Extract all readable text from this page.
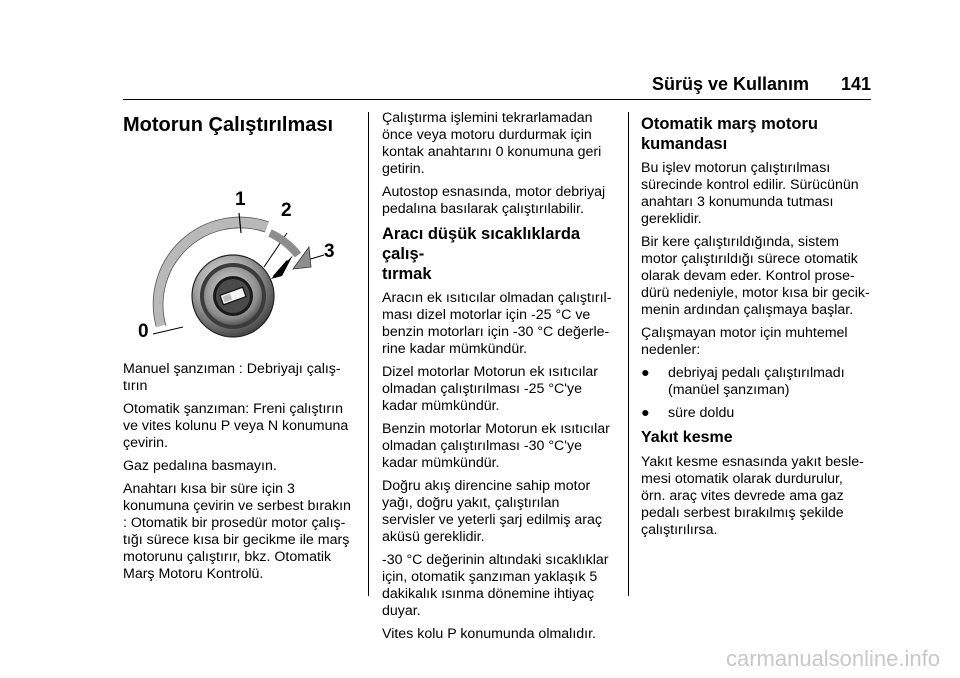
Sürüş ve Kullanım 141
Motorun Çalıştırılması
0
1
2
3

Manuel şanzıman : Debriyajı çalış-
tırın

Otomatik şanzıman: Freni çalıştırın
ve vites kolunu P veya N konumuna
çevirin.

Gaz pedalına basmayın.

Anahtarı kısa bir süre için 3
konumuna çevirin ve serbest bırakın
: Otomatik bir prosedür motor çalış-
tığı sürece kısa bir gecikme ile marş
motorunu çalıştırır, bkz. Otomatik
Marş Motoru Kontrolü.

Çalıştırma işlemini tekrarlamadan
önce veya motoru durdurmak için
kontak anahtarını 0 konumuna geri
getirin.

Autostop esnasında, motor debriyaj
pedalına basılarak çalıştırılabilir.

Aracı düşük sıcaklıklarda çalış-
tırmak

Aracın ek ısıtıcılar olmadan çalıştırıl-
ması dizel motorlar için -25 °C ve
benzin motorları için -30 °C değerle-
rine kadar mümkündür.

Dizel motorlar Motorun ek ısıtıcılar
olmadan çalıştırılması -25 °C'ye
kadar mümkündür.

Benzin motorlar Motorun ek ısıtıcılar
olmadan çalıştırılması -30 °C'ye
kadar mümkündür.

Doğru akış direncine sahip motor
yağı, doğru yakıt, çalıştırılan
servisler ve yeterli şarj edilmiş araç
aküsü gereklidir.

-30 °C değerinin altındaki sıcaklıklar
için, otomatik şanzıman yaklaşık 5
dakikalık ısınma dönemine ihtiyaç
duyar.

Vites kolu P konumunda olmalıdır.

Otomatik marş motoru
kumandası

Bu işlev motorun çalıştırılması
sürecinde kontrol edilir. Sürücünün
anahtarı 3 konumunda tutması
gereklidir.

Bir kere çalıştırıldığında, sistem
motor çalıştırıldığı sürece otomatik
olarak devam eder. Kontrol prose-
dürü nedeniyle, motor kısa bir gecik-
menin ardından çalışmaya başlar.

Çalışmayan motor için muhtemel
nedenler:

●	debriyaj pedalı çalıştırılmadı
(manüel şanzıman)
●	süre doldu
Yakıt kesme

Yakıt kesme esnasında yakıt besle-
mesi otomatik olarak durdurulur,
örn. araç vites devrede ama gaz
pedalı serbest bırakılmış şekilde
çalıştırılırsa.

carmanualsonline.info
